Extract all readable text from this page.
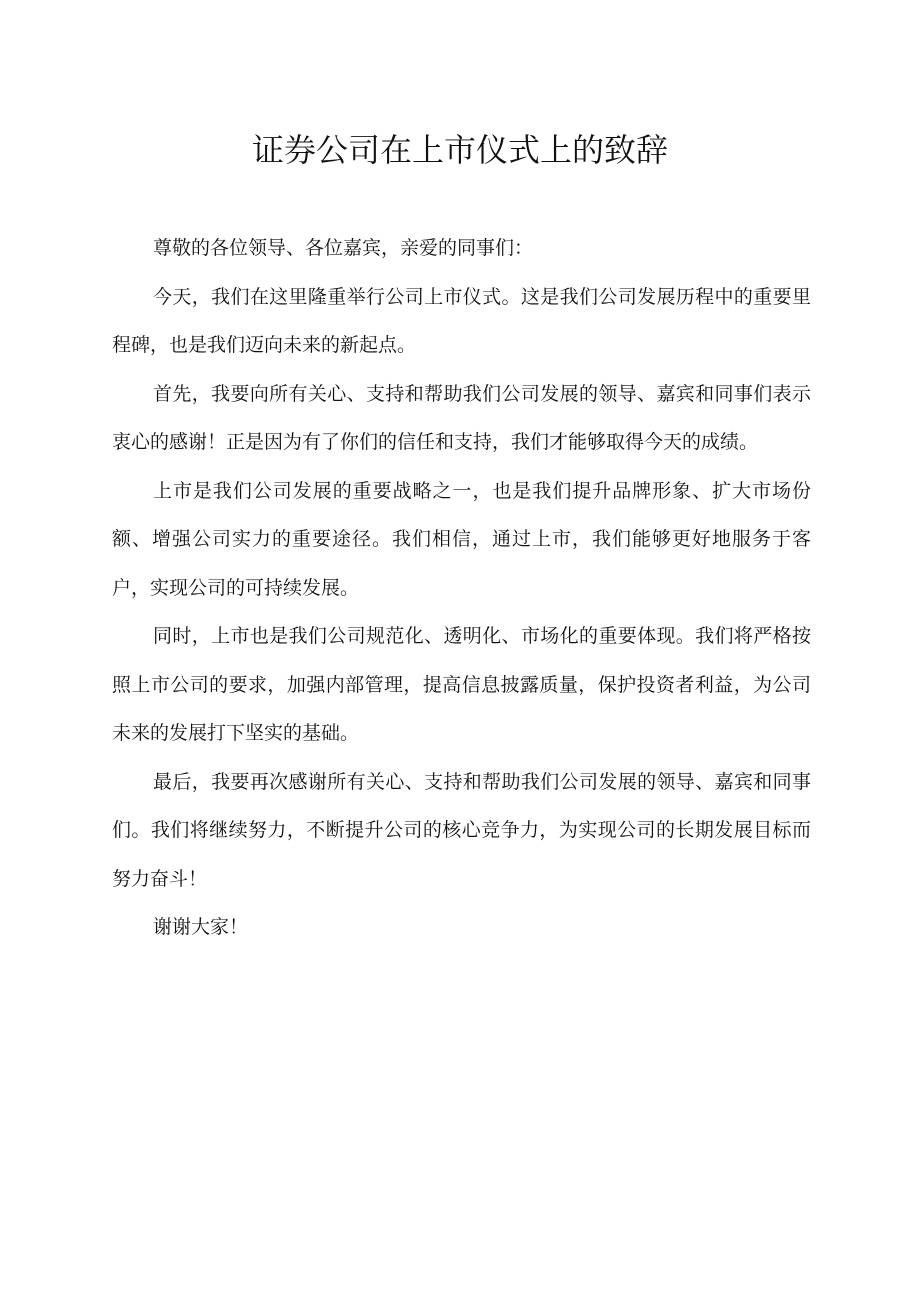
证券公司在上市仪式上的致辞

尊敬的各位领导、各位嘉宾，亲爱的同事们：

今天，我们在这里隆重举行公司上市仪式。这是我们公司发展历程中的重要里程碑，也是我们迈向未来的新起点。

首先，我要向所有关心、支持和帮助我们公司发展的领导、嘉宾和同事们表示衷心的感谢！正是因为有了你们的信任和支持，我们才能够取得今天的成绩。

上市是我们公司发展的重要战略之一，也是我们提升品牌形象、扩大市场份额、增强公司实力的重要途径。我们相信，通过上市，我们能够更好地服务于客户，实现公司的可持续发展。

同时，上市也是我们公司规范化、透明化、市场化的重要体现。我们将严格按照上市公司的要求，加强内部管理，提高信息披露质量，保护投资者利益，为公司未来的发展打下坚实的基础。

最后，我要再次感谢所有关心、支持和帮助我们公司发展的领导、嘉宾和同事们。我们将继续努力，不断提升公司的核心竞争力，为实现公司的长期发展目标而努力奋斗！

谢谢大家！
